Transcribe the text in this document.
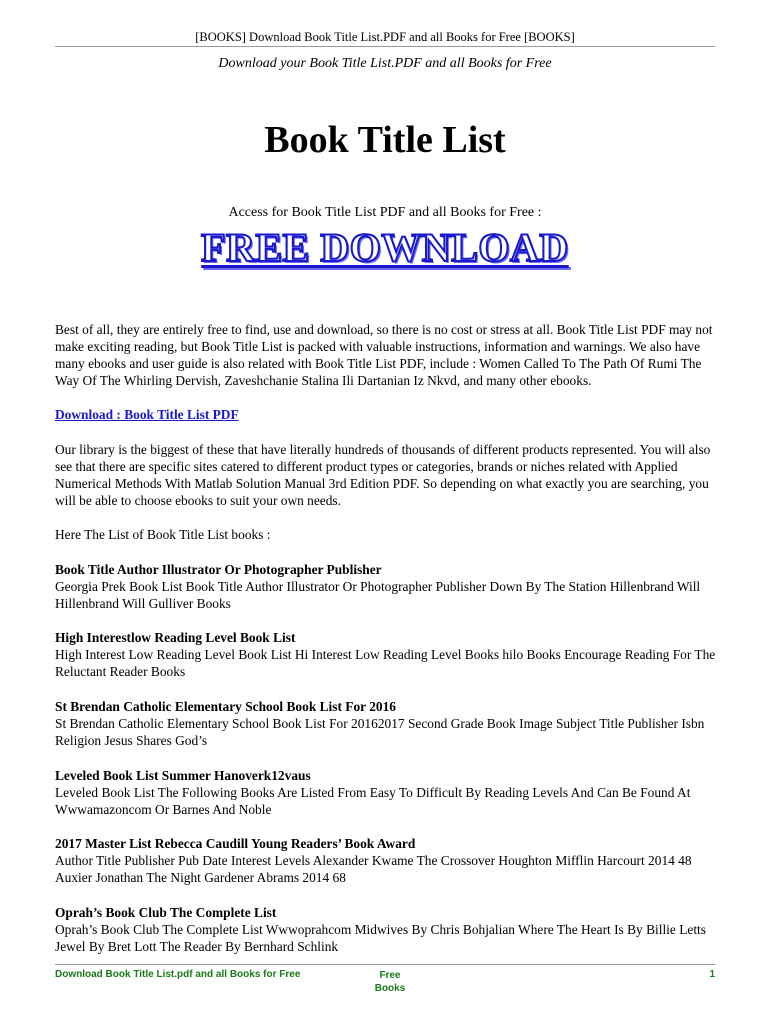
[BOOKS] Download Book Title List.PDF and all Books for Free [BOOKS]
Download your Book Title List.PDF and all Books for Free
Book Title List
Access for Book Title List PDF and all Books for Free :
FREE DOWNLOAD
Best of all, they are entirely free to find, use and download, so there is no cost or stress at all. Book Title List PDF may not make exciting reading, but Book Title List is packed with valuable instructions, information and warnings. We also have many ebooks and user guide is also related with Book Title List PDF, include : Women Called To The Path Of Rumi The Way Of The Whirling Dervish, Zaveshchanie Stalina Ili Dartanian Iz Nkvd, and many other ebooks.
Download : Book Title List PDF
Our library is the biggest of these that have literally hundreds of thousands of different products represented. You will also see that there are specific sites catered to different product types or categories, brands or niches related with Applied Numerical Methods With Matlab Solution Manual 3rd Edition PDF. So depending on what exactly you are searching, you will be able to choose ebooks to suit your own needs.
Here The List of Book Title List books :
Book Title Author Illustrator Or Photographer Publisher
Georgia Prek Book List Book Title Author Illustrator Or Photographer Publisher Down By The Station Hillenbrand Will Hillenbrand Will Gulliver Books
High Interestlow Reading Level Book List
High Interest Low Reading Level Book List Hi Interest Low Reading Level Books hilo Books Encourage Reading For The Reluctant Reader Books
St Brendan Catholic Elementary School Book List For 2016
St Brendan Catholic Elementary School Book List For 20162017 Second Grade Book Image Subject Title Publisher Isbn Religion Jesus Shares God’s
Leveled Book List Summer Hanoverk12vaus
Leveled Book List The Following Books Are Listed From Easy To Difficult By Reading Levels And Can Be Found At Wwwamazoncom Or Barnes And Noble
2017 Master List Rebecca Caudill Young Readers’ Book Award
Author Title Publisher Pub Date Interest Levels Alexander Kwame The Crossover Houghton Mifflin Harcourt 2014 48 Auxier Jonathan The Night Gardener Abrams 2014 68
Oprah’s Book Club The Complete List
Oprah’s Book Club The Complete List Wwwoprahcom Midwives By Chris Bohjalian Where The Heart Is By Billie Letts Jewel By Bret Lott The Reader By Bernhard Schlink
Download Book Title List.pdf and all Books for Free	Free
Books
1
